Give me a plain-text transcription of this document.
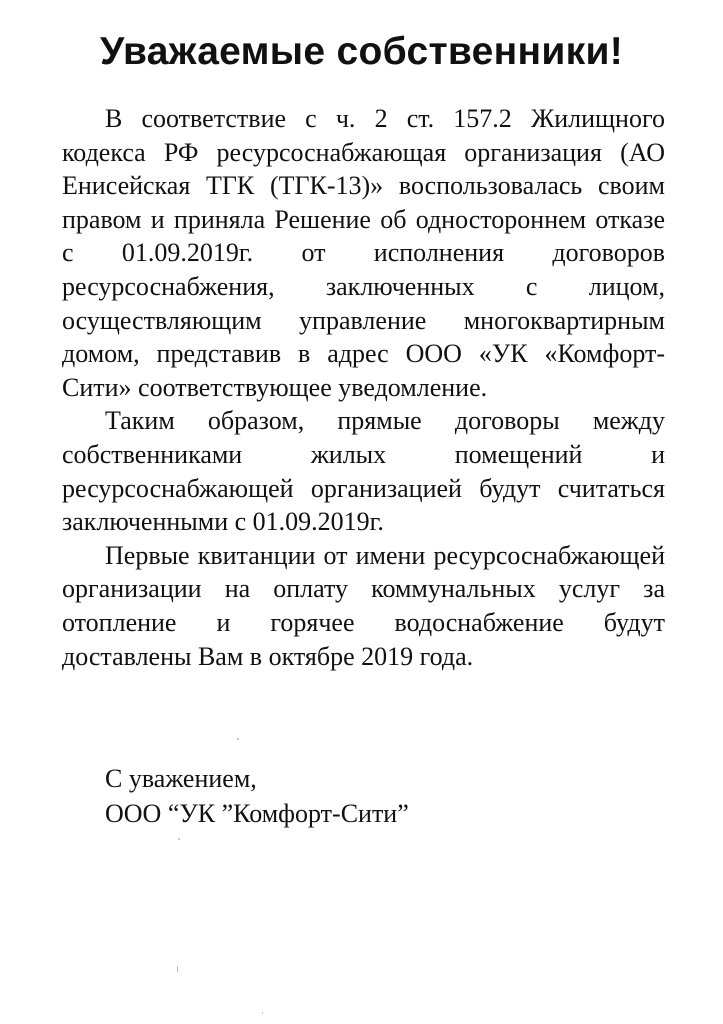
Уважаемые собственники!

В соответствие с ч. 2 ст. 157.2 Жилищного кодекса РФ ресурсоснабжающая организация (АО Енисейская ТГК (ТГК-13)» воспользовалась своим правом и приняла Решение об одностороннем отказе с 01.09.2019г. от исполнения договоров ресурсоснабжения, заключенных с лицом, осуществляющим управление многоквартирным домом, представив в адрес ООО «УК «Комфорт-Сити» соответствующее уведомление.

Таким образом, прямые договоры между собственниками жилых помещений и ресурсоснабжающей организацией будут считаться заключенными с 01.09.2019г.

Первые квитанции от имени ресурсоснабжающей организации на оплату коммунальных услуг за отопление и горячее водоснабжение будут доставлены Вам в октябре 2019 года.

С уважением,
ООО “УК ”Комфорт-Сити”
